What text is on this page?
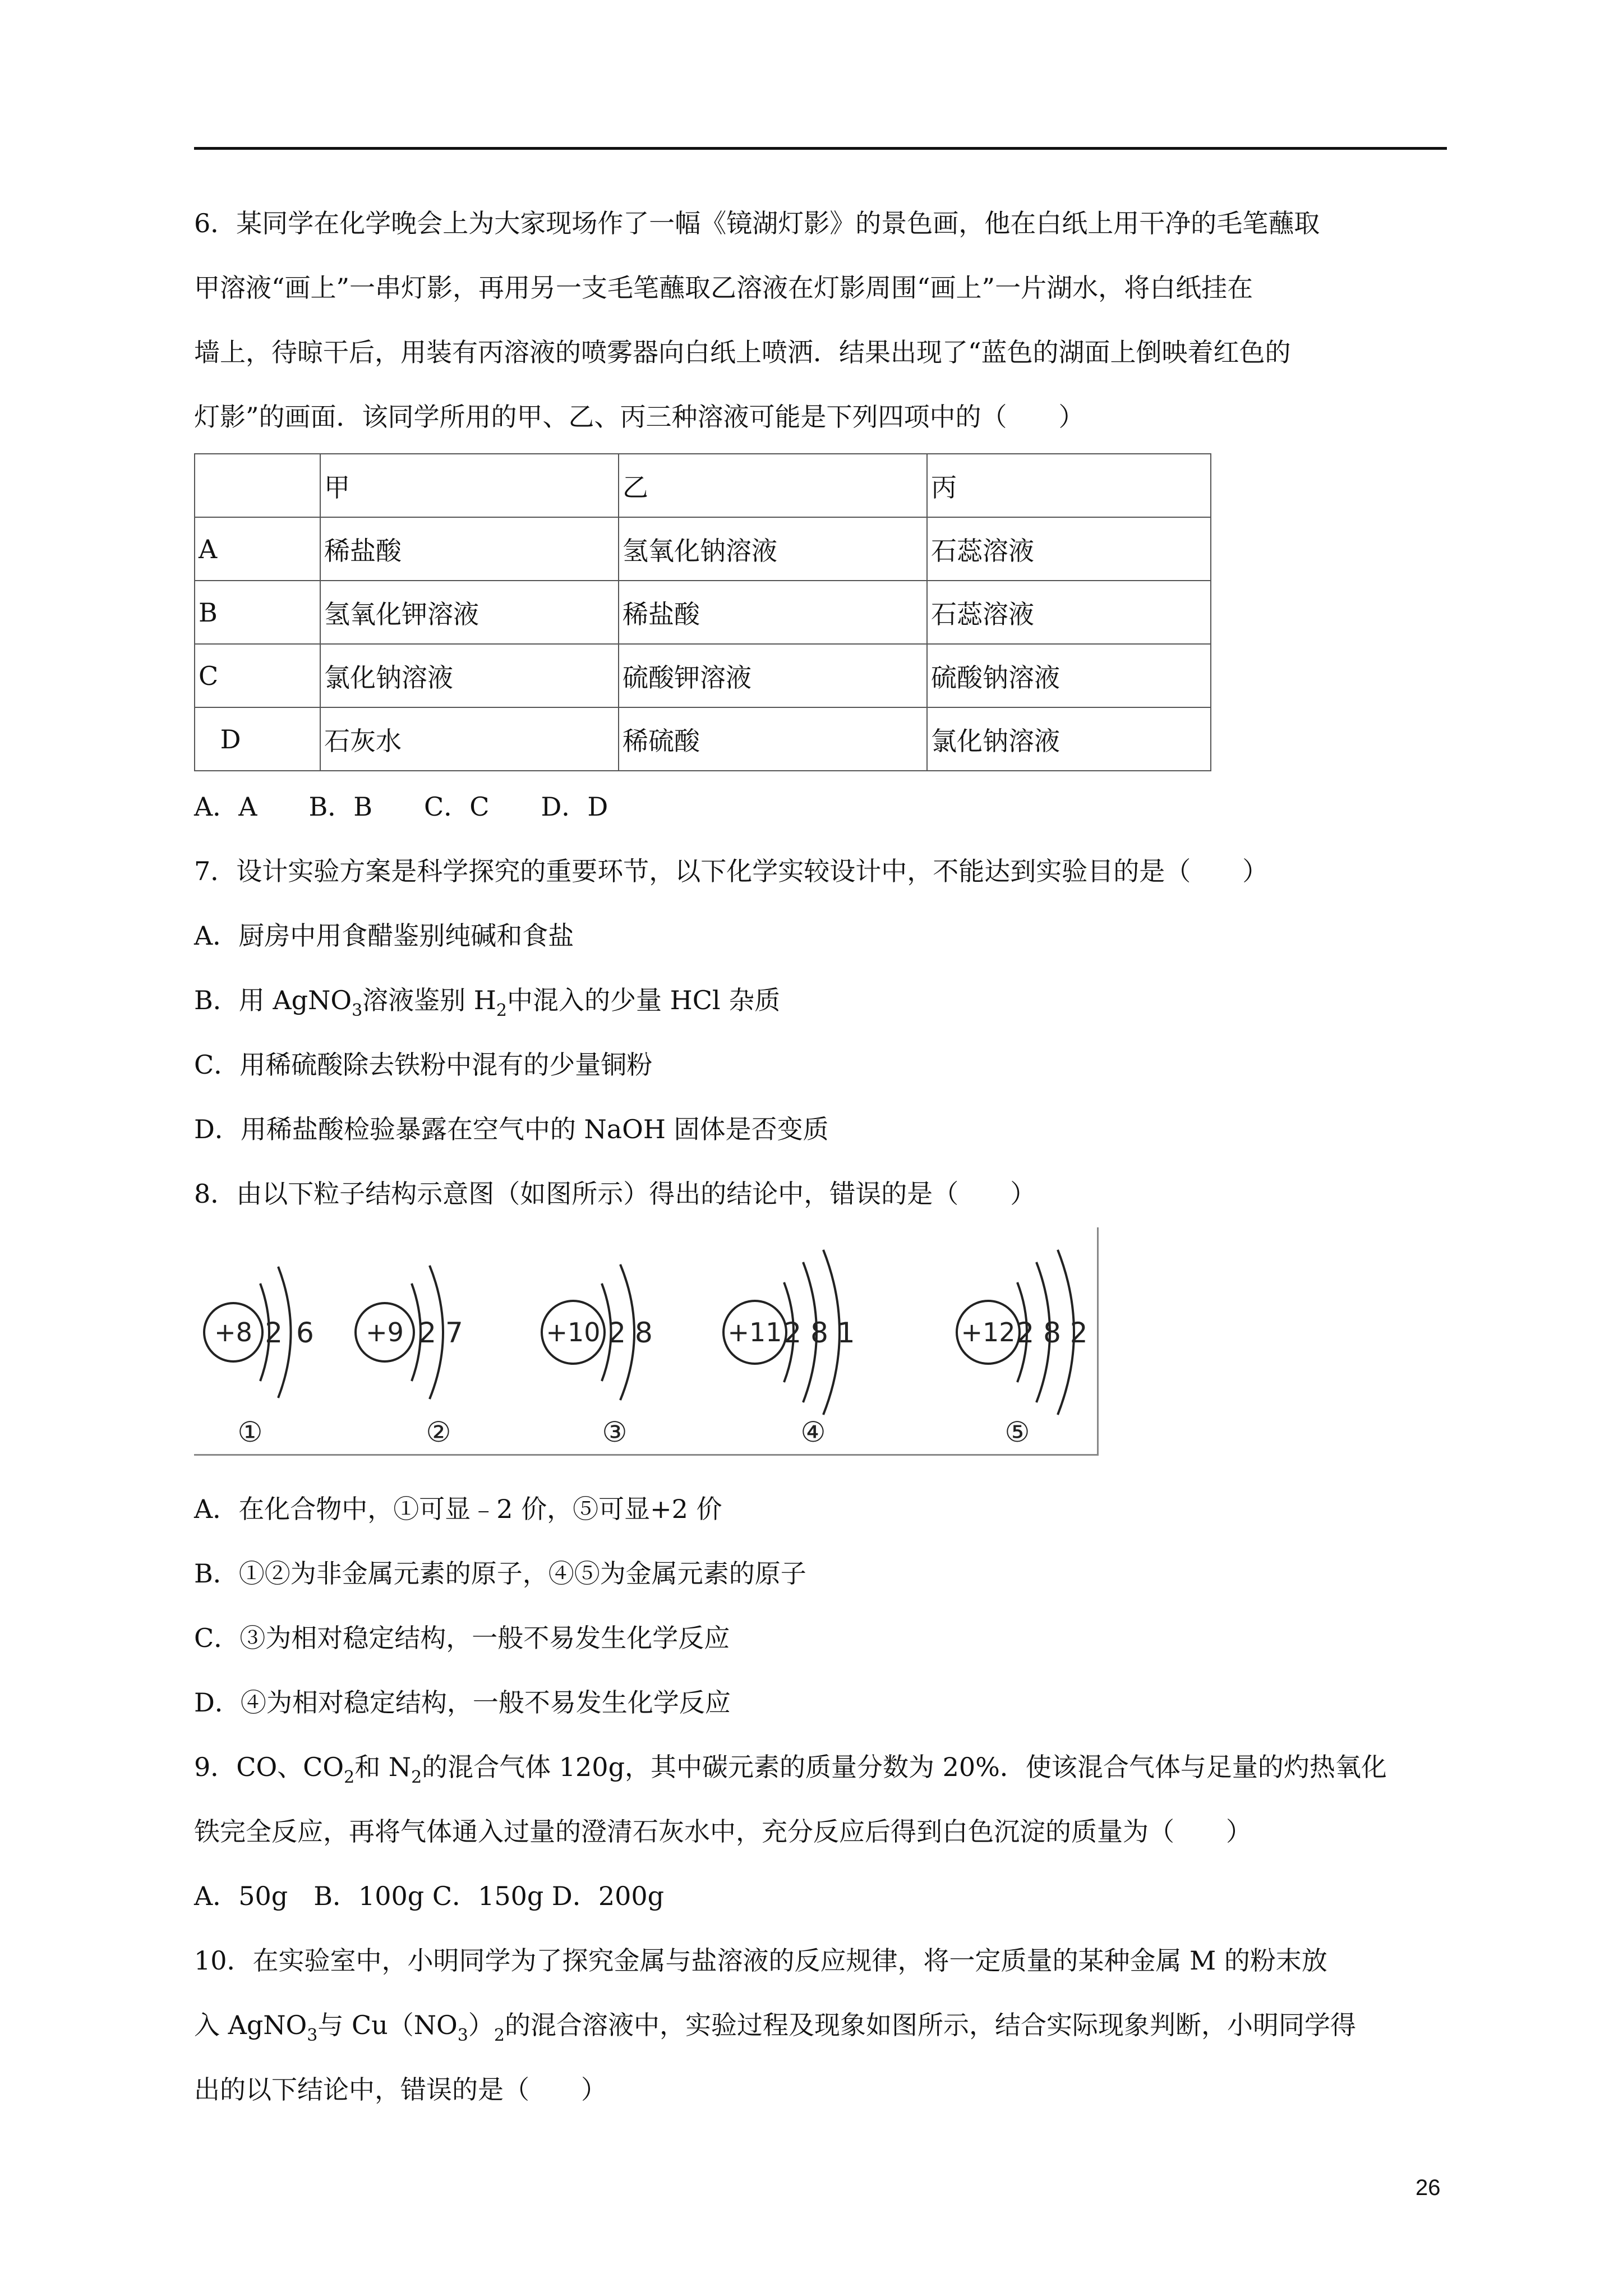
6．某同学在化学晚会上为大家现场作了一幅《镜湖灯影》的景色画，他在白纸上用干净的毛笔蘸取
甲溶液“画上”一串灯影，再用另一支毛笔蘸取乙溶液在灯影周围“画上”一片湖水，将白纸挂在
墙上，待晾干后，用装有丙溶液的喷雾器向白纸上喷洒．结果出现了“蓝色的湖面上倒映着红色的
灯影”的画面．该同学所用的甲、乙、丙三种溶液可能是下列四项中的（　　）
	甲	乙	丙
A	稀盐酸	氢氧化钠溶液	石蕊溶液
B	氢氧化钾溶液	稀盐酸	石蕊溶液
C	氯化钠溶液	硫酸钾溶液	硫酸钠溶液
D	石灰水	稀硫酸	氯化钠溶液
A．A　　B．B　　C．C　　D．D
7．设计实验方案是科学探究的重要环节，以下化学实较设计中，不能达到实验目的是（　　）
A．厨房中用食醋鉴别纯碱和食盐
B．用 AgNO$_3$溶液鉴别 $H_2$中混入的少量 HCl 杂质
C．用稀硫酸除去铁粉中混有的少量铜粉
D．用稀盐酸检验暴露在空气中的 NaOH 固体是否变质
8．由以下粒子结构示意图（如图所示）得出的结论中，错误的是（　　）
+8 2 6 +9 2 7	+10 2 8	+11 2 8 1	+12 2 8 2
①	②	③	④	⑤
A．在化合物中，①可显﹣2 价，⑤可显+2 价
B．①②为非金属元素的原子，④⑤为金属元素的原子
C．③为相对稳定结构，一般不易发生化学反应
D．④为相对稳定结构，一般不易发生化学反应
9．CO、$CO_2$和 $N_2$的混合气体 120g，其中碳元素的质量分数为 20%．使该混合气体与足量的灼热氧化
铁完全反应，再将气体通入过量的澄清石灰水中，充分反应后得到白色沉淀的质量为（　　）
A．50g　B．100g C．150g D．200g
10．在实验室中，小明同学为了探究金属与盐溶液的反应规律，将一定质量的某种金属 M 的粉末放
入 AgNO$_3$与 $Cu(NO_3)_2$的混合溶液中，实验过程及现象如图所示，结合实际现象判断，小明同学得
出的以下结论中，错误的是（　　）
26
